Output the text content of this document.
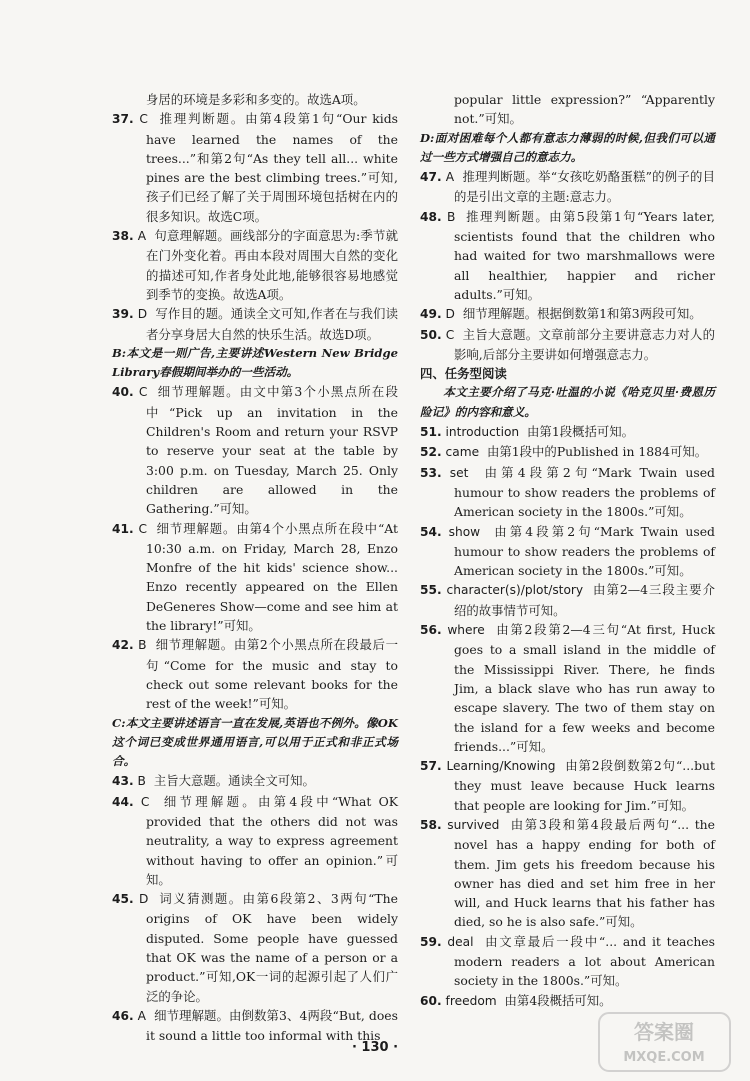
身居的环境是多彩和多变的。故选A项。
37. C 推理判断题。由第4段第1句“Our kids have learned the names of the trees...”和第2句“As they tell all... white pines are the best climbing trees.”可知,孩子们已经了解了关于周围环境包括树在内的很多知识。故选C项。
38. A 句意理解题。画线部分的字面意思为:季节就在门外变化着。再由本段对周围大自然的变化的描述可知,作者身处此地,能够很容易地感觉到季节的变换。故选A项。
39. D 写作目的题。通读全文可知,作者在与我们读者分享身居大自然的快乐生活。故选D项。
B:本文是一则广告,主要讲述Western New Bridge Library春假期间举办的一些活动。
40. C 细节理解题。由文中第3个小黑点所在段中“Pick up an invitation in the Children's Room and return your RSVP to reserve your seat at the table by 3:00 p.m. on Tuesday, March 25. Only children are allowed in the Gathering.”可知。
41. C 细节理解题。由第4个小黑点所在段中“At 10:30 a.m. on Friday, March 28, Enzo Monfre of the hit kids' science show... Enzo recently appeared on the Ellen DeGeneres Show—come and see him at the library!”可知。
42. B 细节理解题。由第2个小黑点所在段最后一句“Come for the music and stay to check out some relevant books for the rest of the week!”可知。
C:本文主要讲述语言一直在发展,英语也不例外。像OK这个词已变成世界通用语言,可以用于正式和非正式场合。
43. B 主旨大意题。通读全文可知。
44. C 细节理解题。由第4段中“What OK provided that the others did not was neutrality, a way to express agreement without having to offer an opinion.”可知。
45. D 词义猜测题。由第6段第2、3两句“The origins of OK have been widely disputed. Some people have guessed that OK was the name of a person or a product.”可知,OK一词的起源引起了人们广泛的争论。
46. A 细节理解题。由倒数第3、4两段“But, does it sound a little too informal with this
popular little expression?” “Apparently not.”可知。
D:面对困难每个人都有意志力薄弱的时候,但我们可以通过一些方式增强自己的意志力。
47. A 推理判断题。举“女孩吃奶酪蛋糕”的例子的目的是引出文章的主题:意志力。
48. B 推理判断题。由第5段第1句“Years later, scientists found that the children who had waited for two marshmallows were all healthier, happier and richer adults.”可知。
49. D 细节理解题。根据倒数第1和第3两段可知。
50. C 主旨大意题。文章前部分主要讲意志力对人的影响,后部分主要讲如何增强意志力。
四、任务型阅读
本文主要介绍了马克·吐温的小说《哈克贝里·费恩历险记》的内容和意义。
51. introduction 由第1段概括可知。
52. came 由第1段中的Published in 1884可知。
53. set 由第4段第2句“Mark Twain used humour to show readers the problems of American society in the 1800s.”可知。
54. show 由第4段第2句“Mark Twain used humour to show readers the problems of American society in the 1800s.”可知。
55. character(s)/plot/story 由第2—4三段主要介绍的故事情节可知。
56. where 由第2段第2—4三句“At first, Huck goes to a small island in the middle of the Mississippi River. There, he finds Jim, a black slave who has run away to escape slavery. The two of them stay on the island for a few weeks and become friends...”可知。
57. Learning/Knowing 由第2段倒数第2句“...but they must leave because Huck learns that people are looking for Jim.”可知。
58. survived 由第3段和第4段最后两句“... the novel has a happy ending for both of them. Jim gets his freedom because his owner has died and set him free in her will, and Huck learns that his father has died, so he is also safe.”可知。
59. deal 由文章最后一段中“... and it teaches modern readers a lot about American society in the 1800s.”可知。
60. freedom 由第4段概括可知。
· 130 ·
答案圈
MXQE.COM
